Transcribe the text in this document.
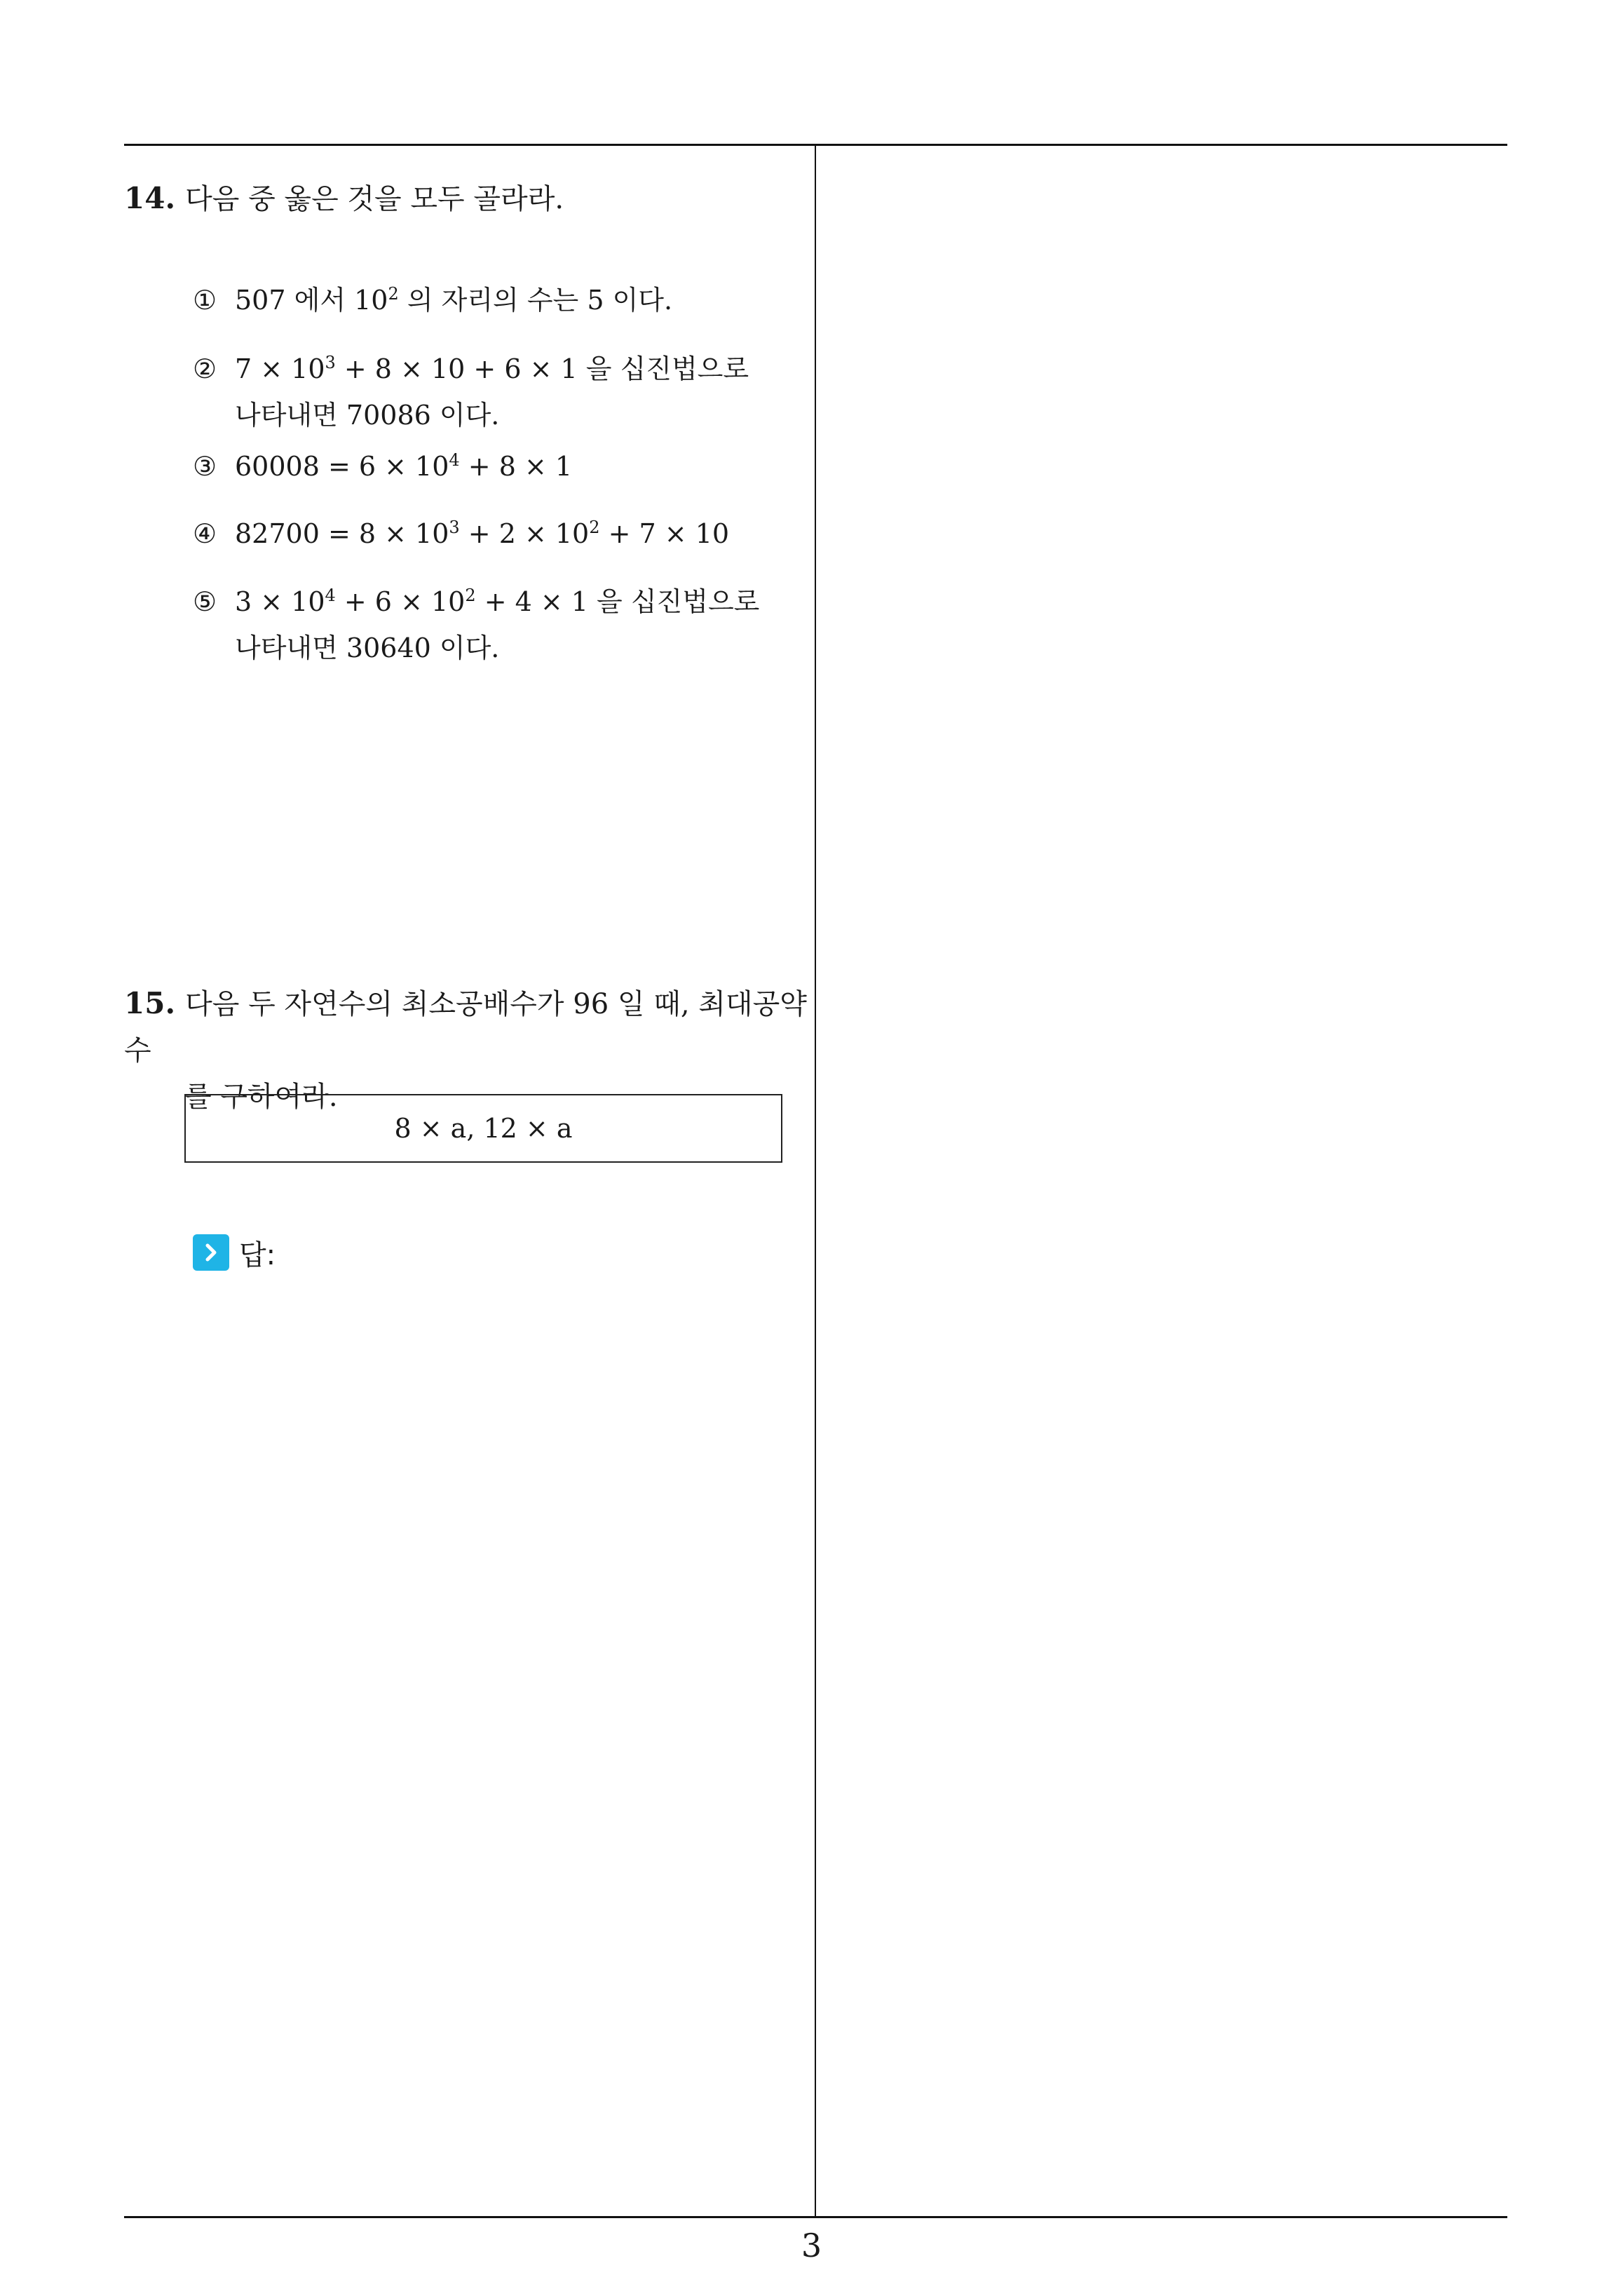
14. 다음 중 옳은 것을 모두 골라라.
① 507 에서 $10^2$ 의 자리의 수는 5 이다.
② $7 \times 10^3 + 8 \times 10 + 6 \times 1$ 을 십진법으로
나타내면 70086 이다.
③ $60008 = 6 \times 10^4 + 8 \times 1$
④ $82700 = 8 \times 10^3 + 2 \times 10^2 + 7 \times 10$
⑤ $3 \times 10^4 + 6 \times 10^2 + 4 \times 1$ 을 십진법으로
나타내면 30640 이다.
15. 다음 두 자연수의 최소공배수가 96 일 때, 최대공약수
를 구하여라.
8 × a, 12 × a
답:
3
